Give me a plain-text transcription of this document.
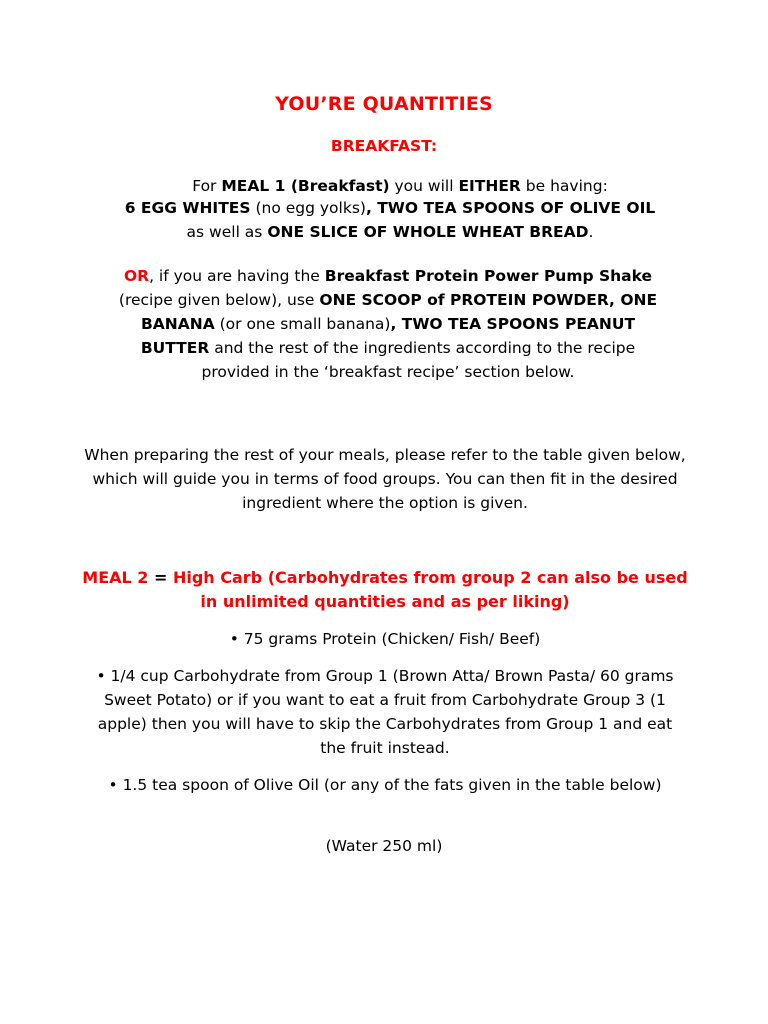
YOU’RE QUANTITIES
BREAKFAST:
For MEAL 1 (Breakfast) you will EITHER be having:
6 EGG WHITES (no egg yolks), TWO TEA SPOONS OF OLIVE OIL as well as ONE SLICE OF WHOLE WHEAT BREAD.
OR, if you are having the Breakfast Protein Power Pump Shake (recipe given below), use ONE SCOOP of PROTEIN POWDER, ONE BANANA (or one small banana), TWO TEA SPOONS PEANUT BUTTER and the rest of the ingredients according to the recipe provided in the ‘breakfast recipe’ section below.
When preparing the rest of your meals, please refer to the table given below, which will guide you in terms of food groups. You can then fit in the desired ingredient where the option is given.
MEAL 2 = High Carb (Carbohydrates from group 2 can also be used in unlimited quantities and as per liking)
• 75 grams Protein (Chicken/ Fish/ Beef)
• 1/4 cup Carbohydrate from Group 1 (Brown Atta/ Brown Pasta/ 60 grams Sweet Potato) or if you want to eat a fruit from Carbohydrate Group 3 (1 apple) then you will have to skip the Carbohydrates from Group 1 and eat the fruit instead.
• 1.5 tea spoon of Olive Oil (or any of the fats given in the table below)
(Water 250 ml)
